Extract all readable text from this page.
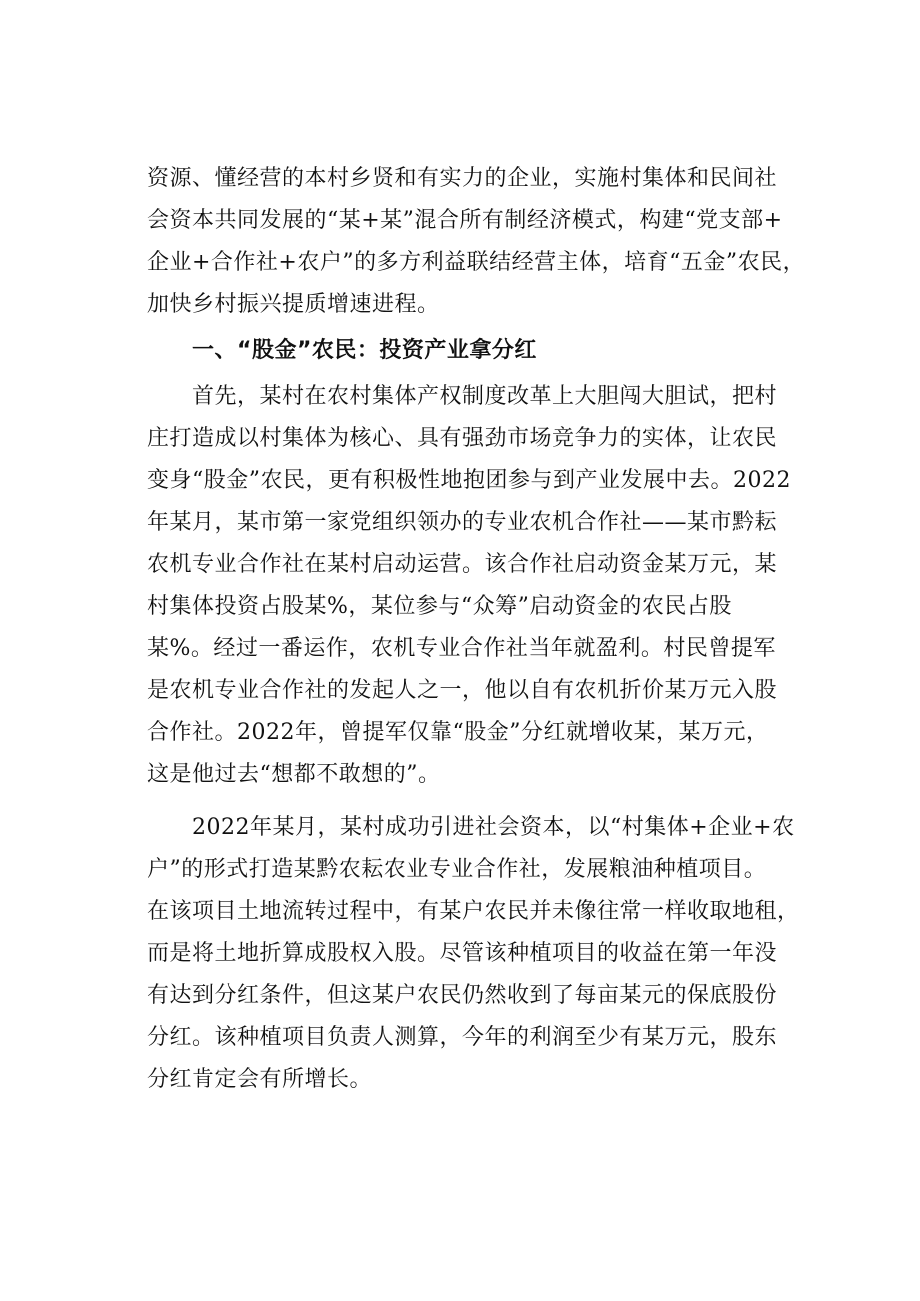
资源、懂经营的本村乡贤和有实力的企业，实施村集体和民间社
会资本共同发展的“某+某”混合所有制经济模式，构建“党支部+
企业+合作社+农户”的多方利益联结经营主体，培育“五金”农民，
加快乡村振兴提质增速进程。
一、“股金”农民：投资产业拿分红
首先，某村在农村集体产权制度改革上大胆闯大胆试，把村
庄打造成以村集体为核心、具有强劲市场竞争力的实体，让农民
变身“股金”农民，更有积极性地抱团参与到产业发展中去。2022
年某月，某市第一家党组织领办的专业农机合作社——某市黔耘
农机专业合作社在某村启动运营。该合作社启动资金某万元，某
村集体投资占股某%，某位参与“众筹”启动资金的农民占股
某%。经过一番运作，农机专业合作社当年就盈利。村民曾提军
是农机专业合作社的发起人之一，他以自有农机折价某万元入股
合作社。2022年，曾提军仅靠“股金”分红就增收某，某万元，
这是他过去“想都不敢想的”。
2022年某月，某村成功引进社会资本，以“村集体+企业+农
户”的形式打造某黔农耘农业专业合作社，发展粮油种植项目。
在该项目土地流转过程中，有某户农民并未像往常一样收取地租，
而是将土地折算成股权入股。尽管该种植项目的收益在第一年没
有达到分红条件，但这某户农民仍然收到了每亩某元的保底股份
分红。该种植项目负责人测算，今年的利润至少有某万元，股东
分红肯定会有所增长。
